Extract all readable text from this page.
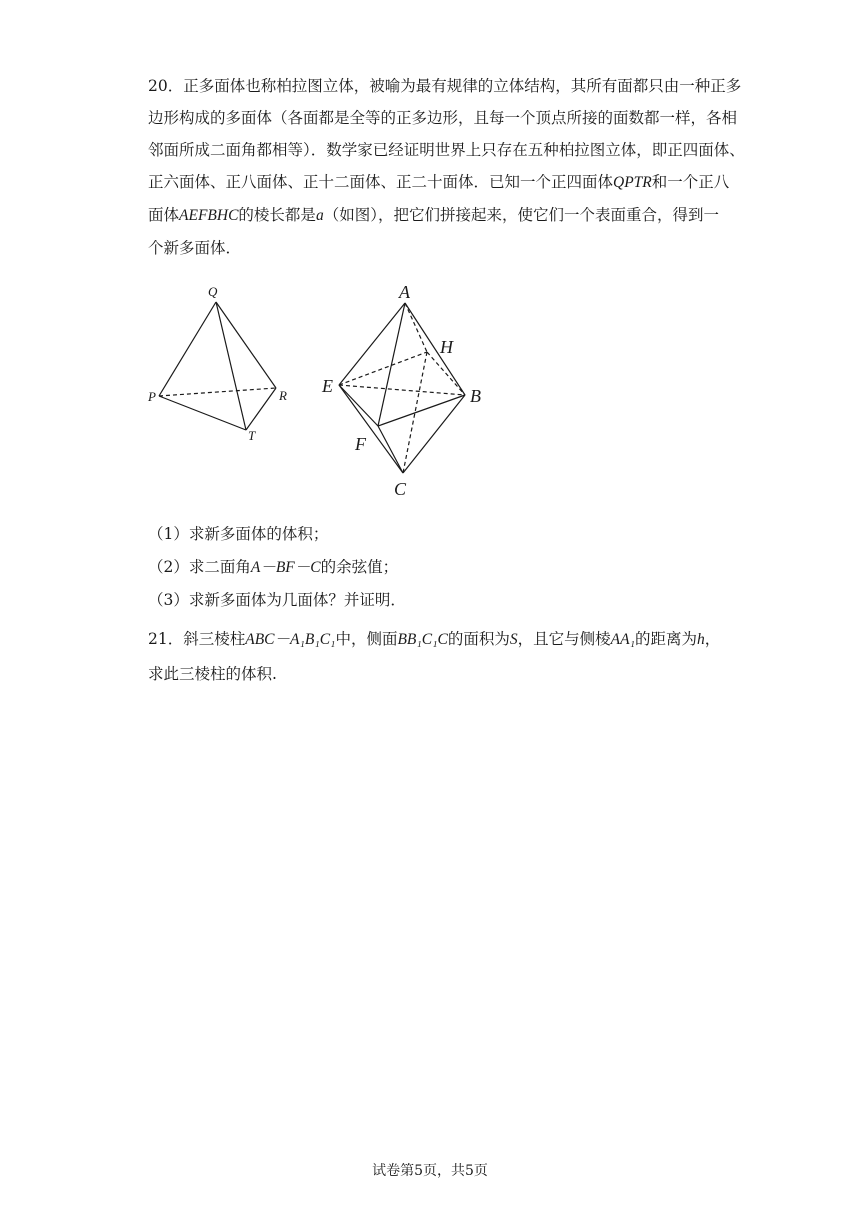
20．正多面体也称柏拉图立体，被喻为最有规律的立体结构，其所有面都只由一种正多
边形构成的多面体（各面都是全等的正多边形，且每一个顶点所接的面数都一样，各相
邻面所成二面角都相等）．数学家已经证明世界上只存在五种柏拉图立体，即正四面体、
正六面体、正八面体、正十二面体、正二十面体．已知一个正四面体QPTR和一个正八
面体AEFBHC的棱长都是a（如图），把它们拼接起来，使它们一个表面重合，得到一
个新多面体．
Q
P	R
T
A
H
E	B
F
C
（1）求新多面体的体积；
（2）求二面角A－BF－C的余弦值；
（3）求新多面体为几面体？并证明．
21．斜三棱柱ABC－A₁B₁C₁中，侧面BB₁C₁C的面积为S，且它与侧棱AA₁的距离为h，
求此三棱柱的体积.
试卷第5页，共5页
